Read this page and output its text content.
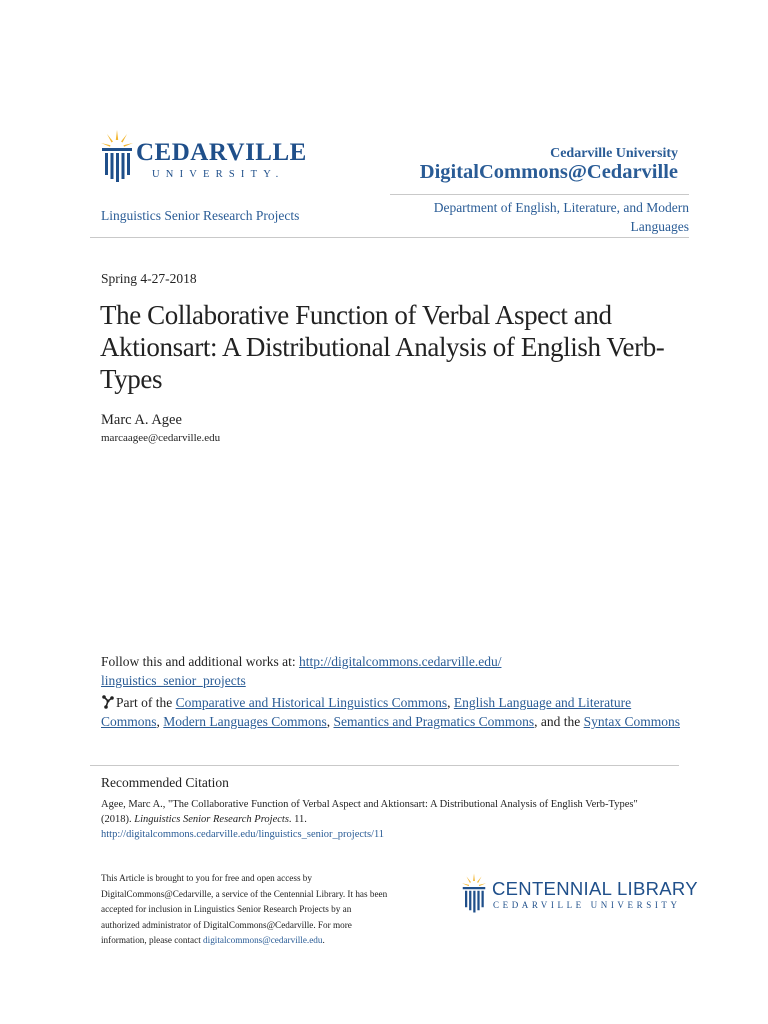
CEDARVILLE
UNIVERSITY.
Cedarville University
DigitalCommons@Cedarville
Linguistics Senior Research Projects
Department of English, Literature, and Modern Languages
Spring 4-27-2018
The Collaborative Function of Verbal Aspect and Aktionsart: A Distributional Analysis of English Verb-Types
Marc A. Agee
marcaagee@cedarville.edu
Follow this and additional works at: http://digitalcommons.cedarville.edu/
linguistics_senior_projects
Part of the Comparative and Historical Linguistics Commons, English Language and Literature Commons, Modern Languages Commons, Semantics and Pragmatics Commons, and the Syntax Commons
Recommended Citation
Agee, Marc A., "The Collaborative Function of Verbal Aspect and Aktionsart: A Distributional Analysis of English Verb-Types"
(2018). Linguistics Senior Research Projects. 11.
http://digitalcommons.cedarville.edu/linguistics_senior_projects/11
This Article is brought to you for free and open access by DigitalCommons@Cedarville, a service of the Centennial Library. It has been accepted for inclusion in Linguistics Senior Research Projects by an authorized administrator of DigitalCommons@Cedarville. For more information, please contact digitalcommons@cedarville.edu.
CENTENNIAL LIBRARY
CEDARVILLE UNIVERSITY
